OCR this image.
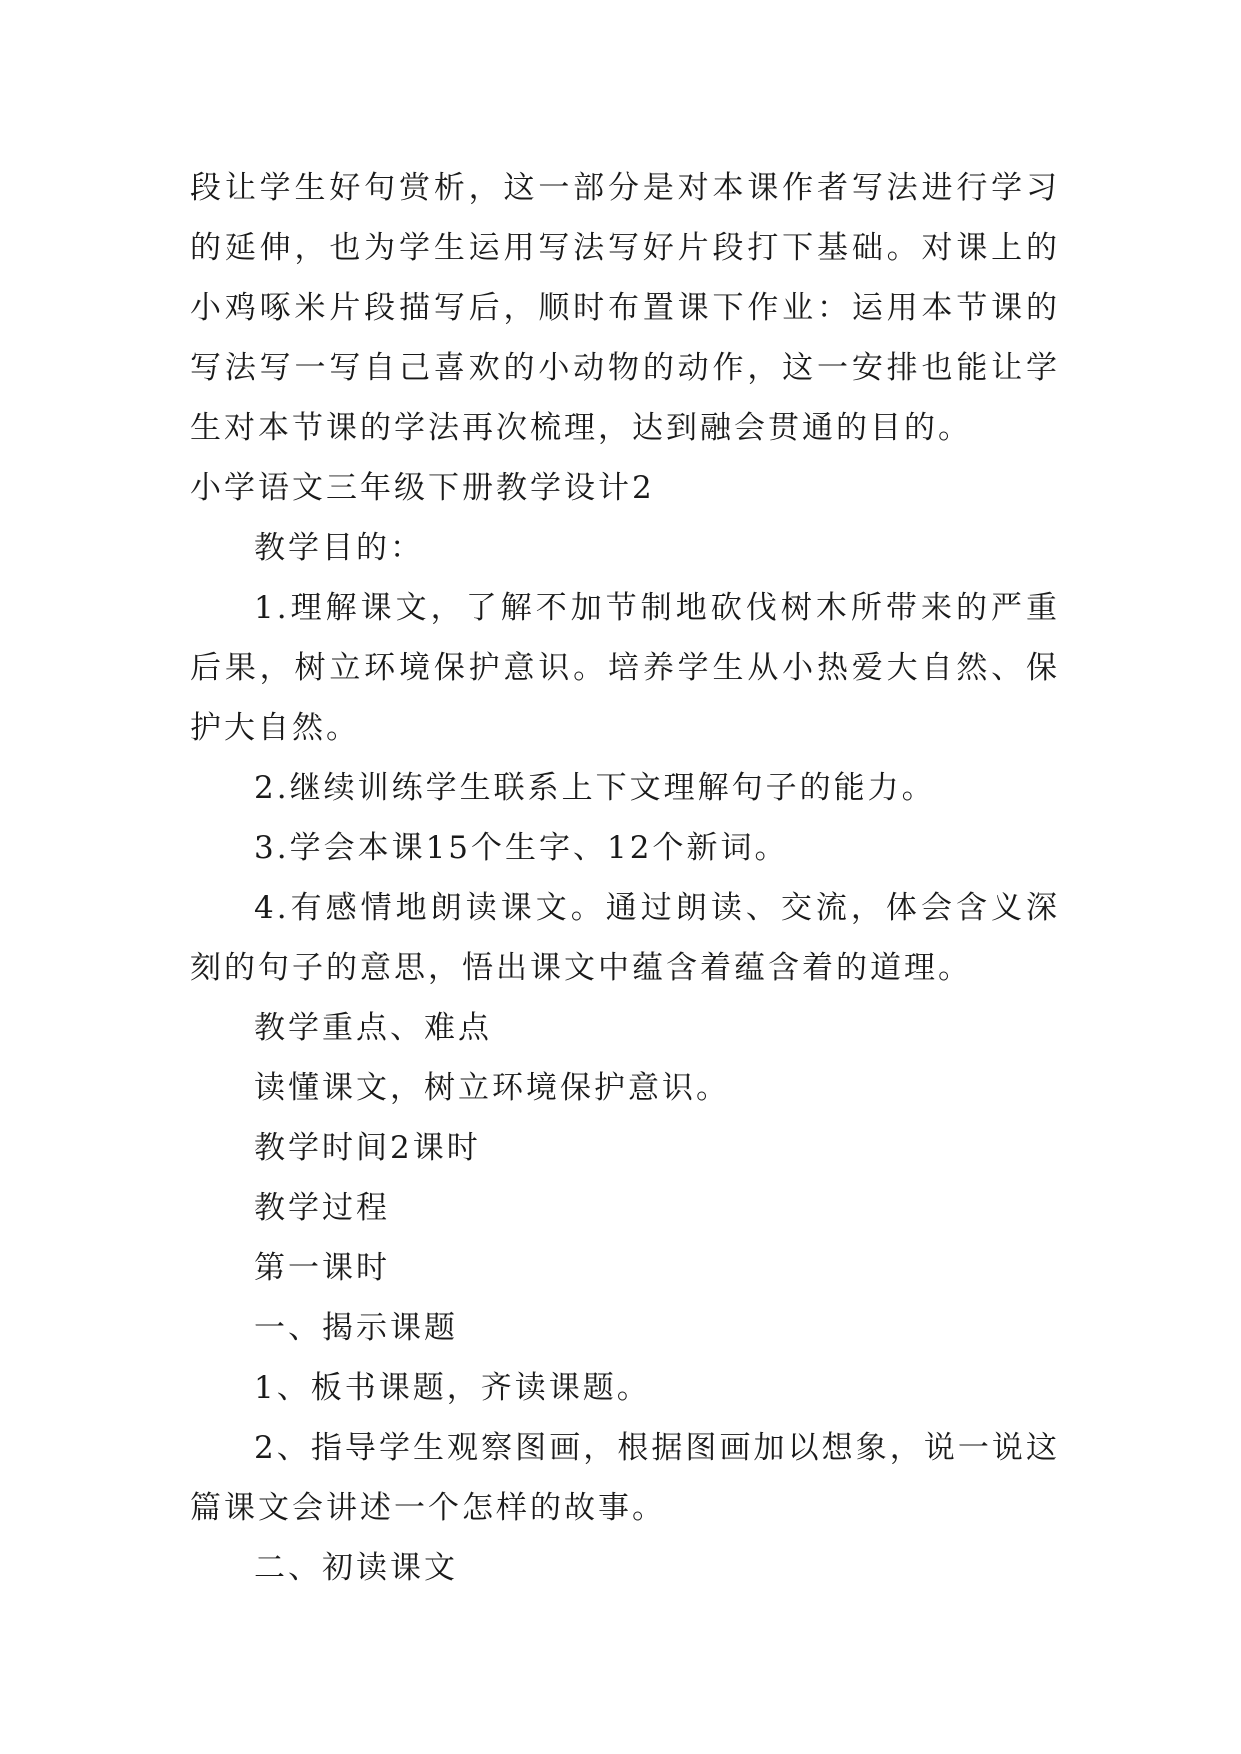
段让学生好句赏析，这一部分是对本课作者写法进行学习的延伸，也为学生运用写法写好片段打下基础。对课上的小鸡啄米片段描写后，顺时布置课下作业：运用本节课的写法写一写自己喜欢的小动物的动作，这一安排也能让学生对本节课的学法再次梳理，达到融会贯通的目的。

小学语文三年级下册教学设计2

教学目的：

1.理解课文，了解不加节制地砍伐树木所带来的严重后果，树立环境保护意识。培养学生从小热爱大自然、保护大自然。

2.继续训练学生联系上下文理解句子的能力。

3.学会本课15个生字、12个新词。

4.有感情地朗读课文。通过朗读、交流，体会含义深刻的句子的意思，悟出课文中蕴含着蕴含着的道理。

教学重点、难点

读懂课文，树立环境保护意识。

教学时间2课时

教学过程

第一课时

一、揭示课题

1、板书课题，齐读课题。

2、指导学生观察图画，根据图画加以想象，说一说这篇课文会讲述一个怎样的故事。

二、初读课文
